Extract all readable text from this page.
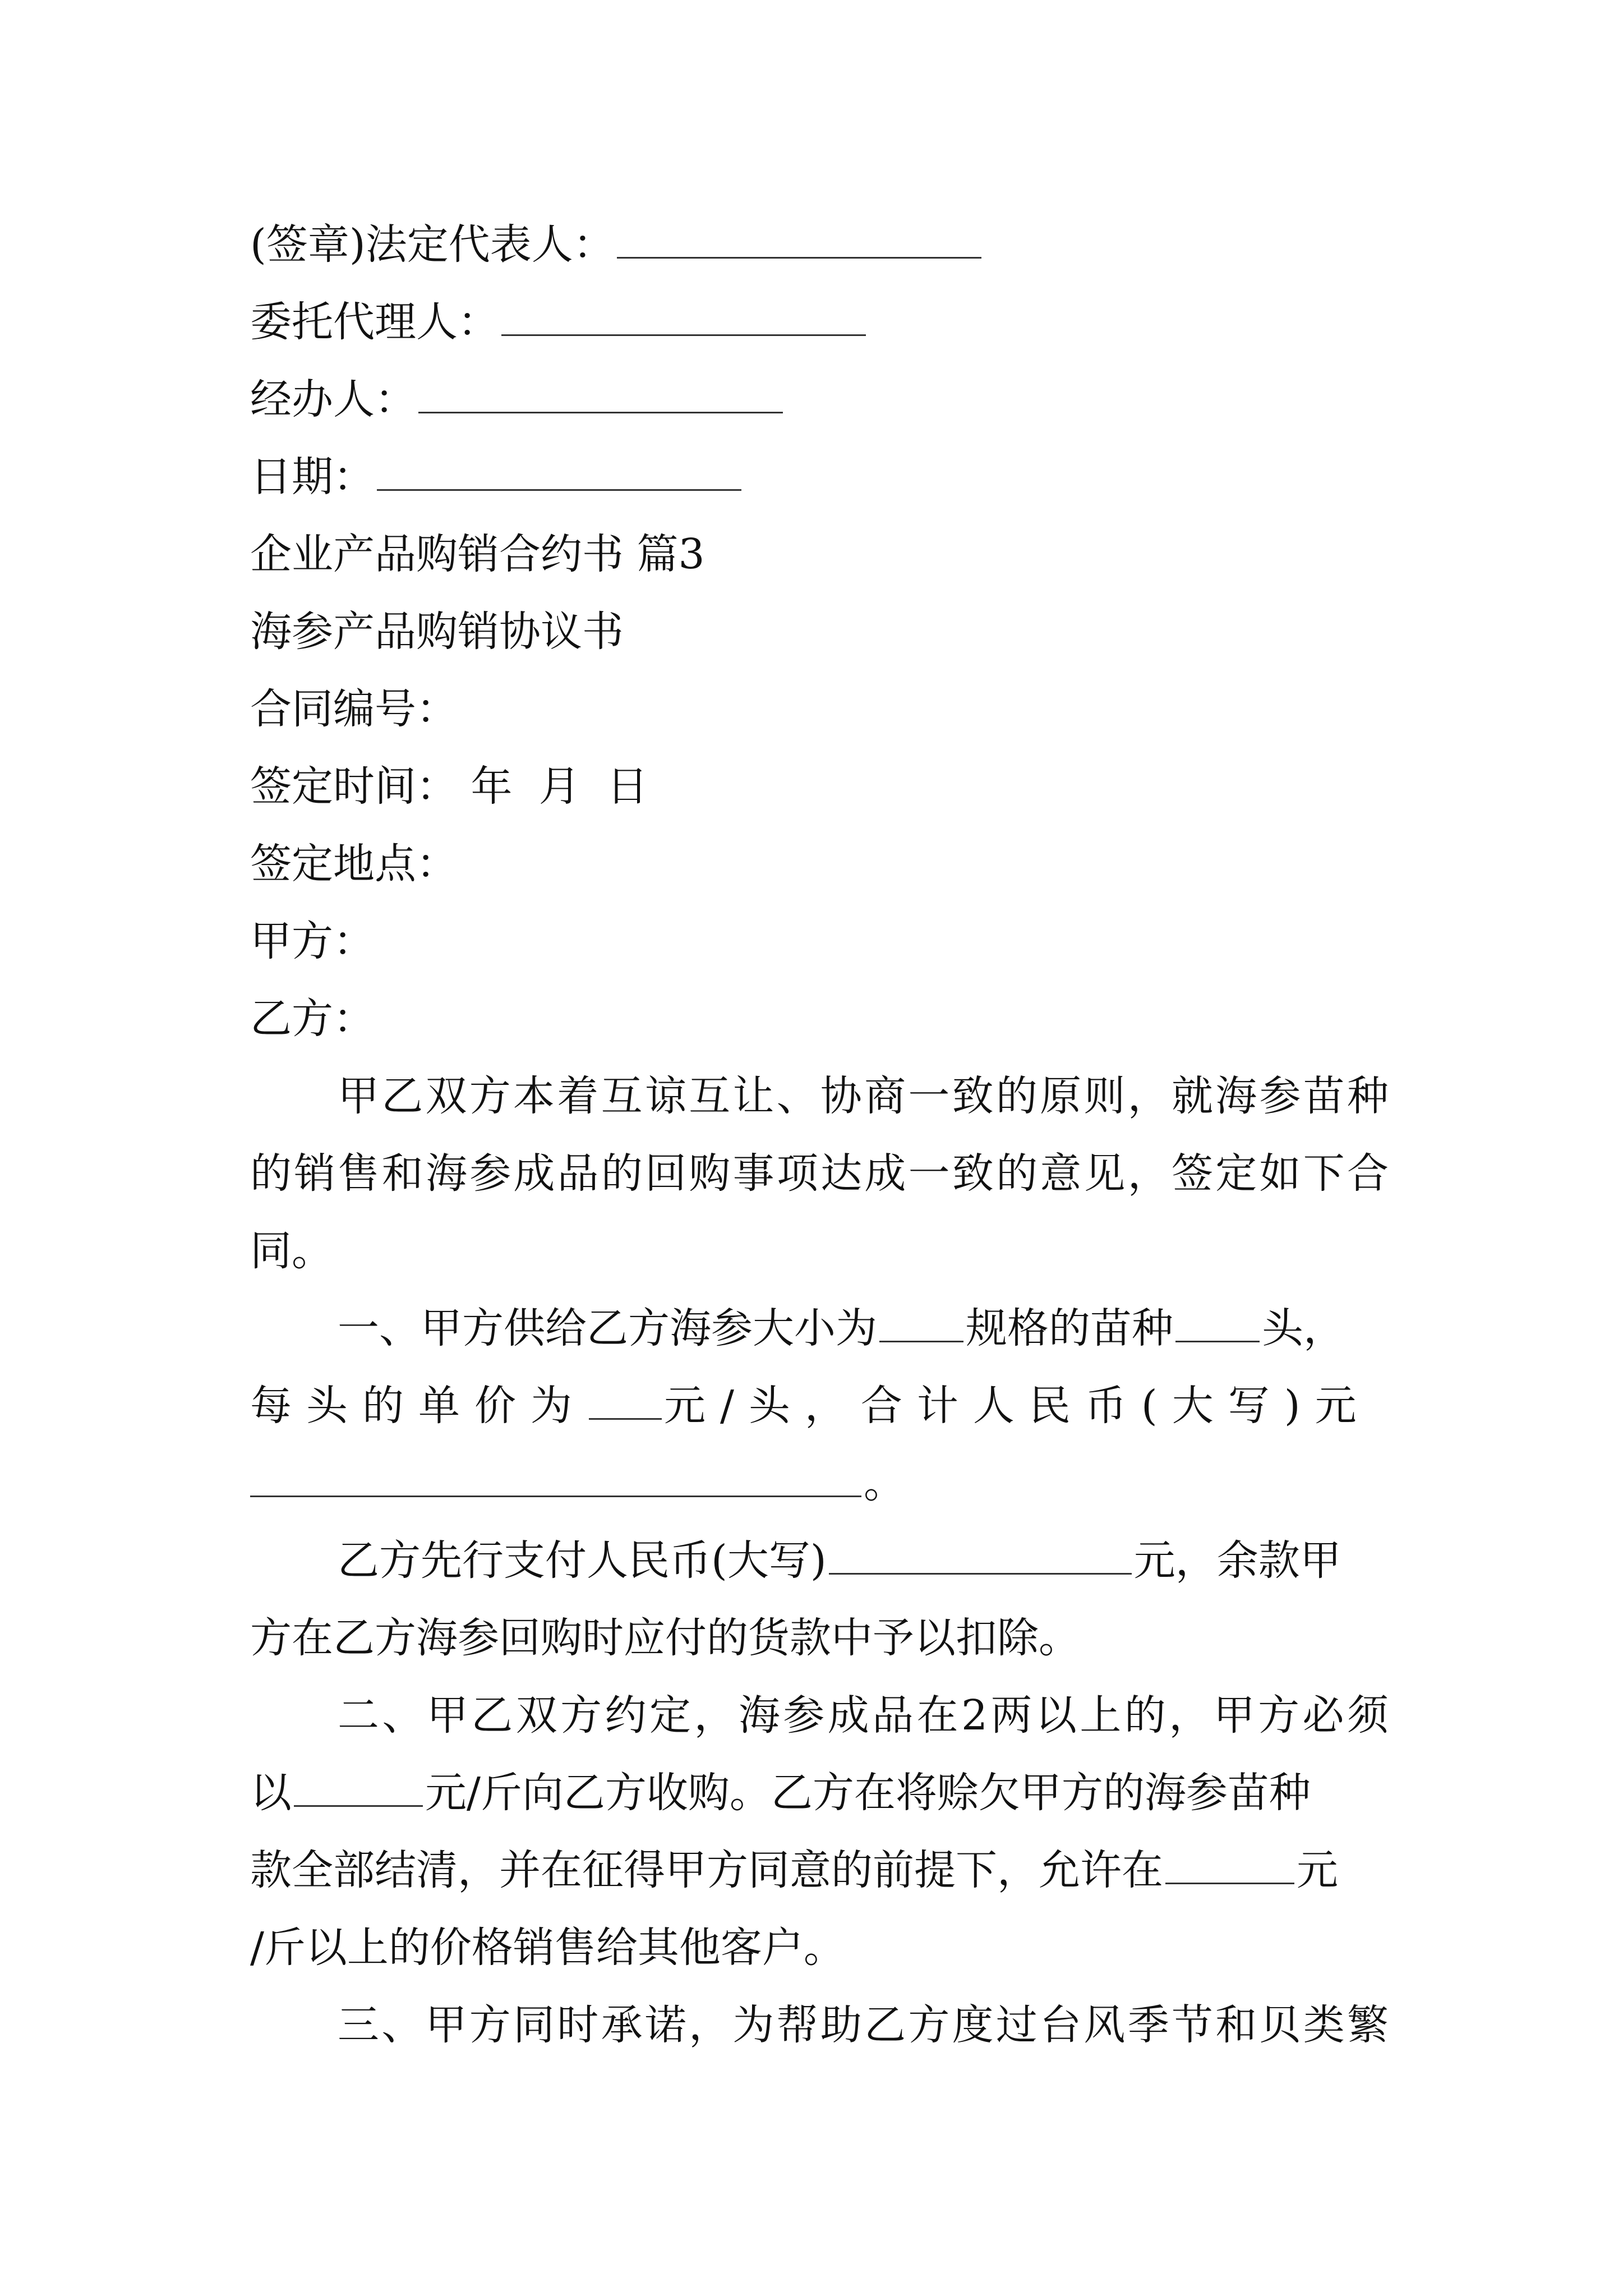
(签章)法定代表人：
委托代理人：
经办人：
日期：
企业产品购销合约书 篇3
海参产品购销协议书
合同编号：
签定时间： 年  月  日
签定地点：
甲方：
乙方：
甲乙双方本着互谅互让、协商一致的原则，就海参苗种
的销售和海参成品的回购事项达成一致的意见，签定如下合
同。
一、甲方供给乙方海参大小为 规格的苗种 头，
每头的单价为 元/头，合计人民币(大写)元
。
乙方先行支付人民币(大写)	元，余款甲
方在乙方海参回购时应付的货款中予以扣除。
二、甲乙双方约定，海参成品在2两以上的，甲方必须
以	元/斤向乙方收购。乙方在将赊欠甲方的海参苗种
款全部结清，并在征得甲方同意的前提下，允许在	元
/斤以上的价格销售给其他客户。
三、甲方同时承诺，为帮助乙方度过台风季节和贝类繁
